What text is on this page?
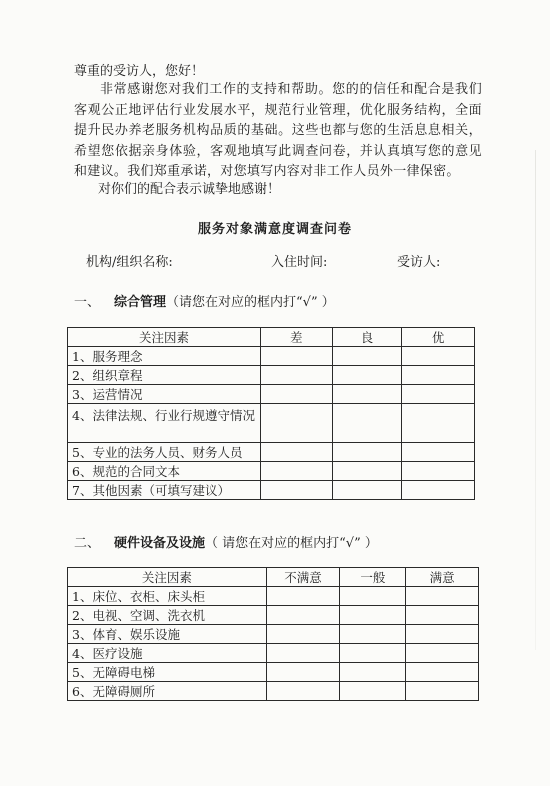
尊重的受访人，您好！
非常感谢您对我们工作的支持和帮助。您的的信任和配合是我们客观公正地评估行业发展水平，规范行业管理，优化服务结构，全面提升民办养老服务机构品质的基础。这些也都与您的生活息息相关，希望您依据亲身体验，客观地填写此调查问卷，并认真填写您的意见和建议。我们郑重承诺，对您填写内容对非工作人员外一律保密。
对你们的配合表示诚挚地感谢！
服务对象满意度调查问卷
机构/组织名称:	入住时间:	受访人:
一、 综合管理（请您在对应的框内打“√” ）
关注因素	差	良	优
1、服务理念			
2、组织章程			
3、运营情况			
4、法律法规、行业行规遵守情况			
5、专业的法务人员、财务人员			
6、规范的合同文本			
7、其他因素（可填写建议）			
二、 硬件设备及设施（ 请您在对应的框内打“√” ）
关注因素	不满意	一般	满意
1、床位、衣柜、床头柜			
2、电视、空调、洗衣机			
3、体育、娱乐设施			
4、医疗设施			
5、无障碍电梯			
6、无障碍厕所			
